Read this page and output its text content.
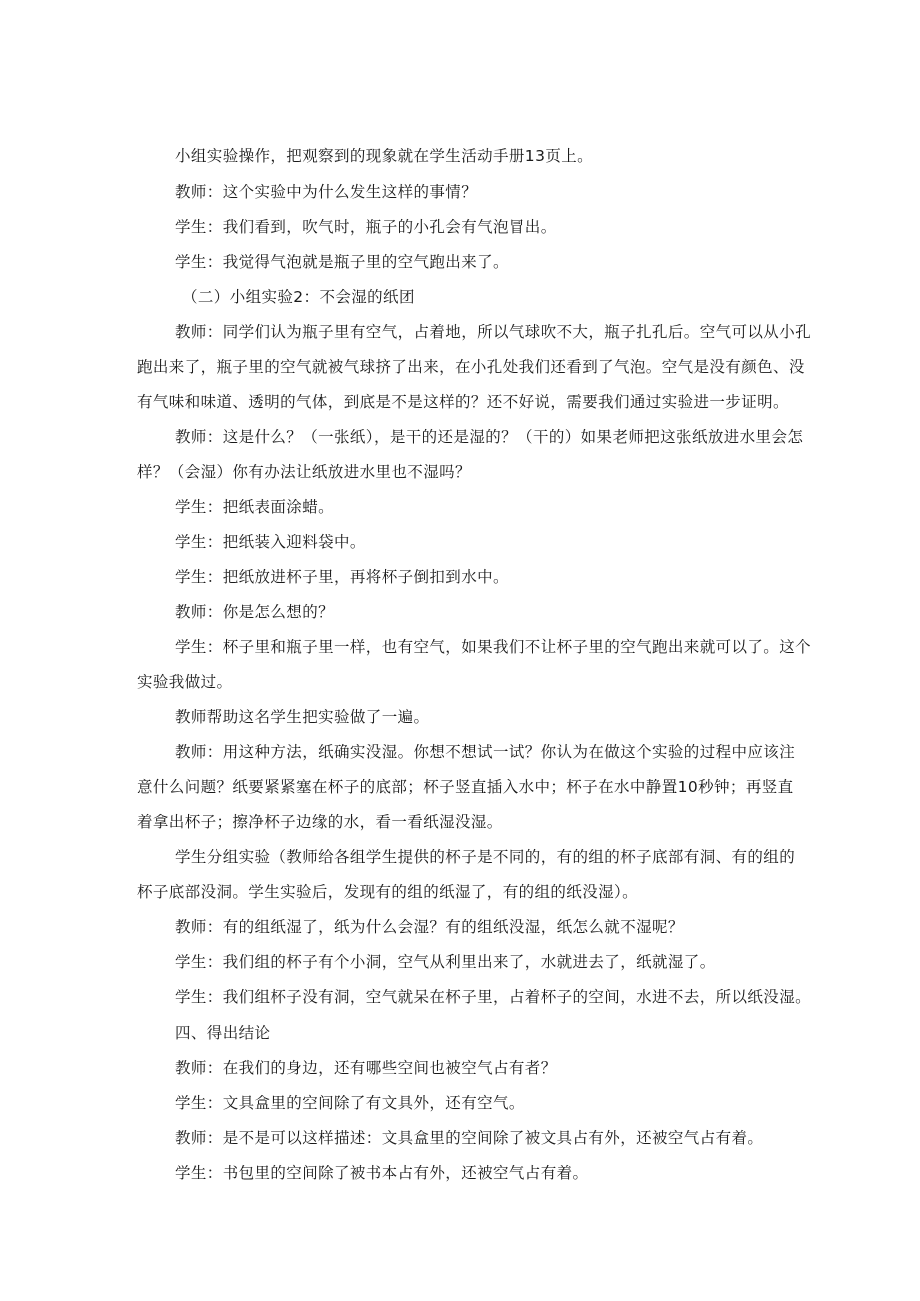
小组实验操作，把观察到的现象就在学生活动手册13页上。
教师：这个实验中为什么发生这样的事情？
学生：我们看到，吹气时，瓶子的小孔会有气泡冒出。
学生：我觉得气泡就是瓶子里的空气跑出来了。
（二）小组实验2：不会湿的纸团
教师：同学们认为瓶子里有空气，占着地，所以气球吹不大，瓶子扎孔后。空气可以从小孔
跑出来了，瓶子里的空气就被气球挤了出来，在小孔处我们还看到了气泡。空气是没有颜色、没
有气味和味道、透明的气体，到底是不是这样的？还不好说，需要我们通过实验进一步证明。
教师：这是什么？（一张纸），是干的还是湿的？（干的）如果老师把这张纸放进水里会怎
样？（会湿）你有办法让纸放进水里也不湿吗？
学生：把纸表面涂蜡。
学生：把纸装入迎料袋中。
学生：把纸放进杯子里，再将杯子倒扣到水中。
教师：你是怎么想的？
学生：杯子里和瓶子里一样，也有空气，如果我们不让杯子里的空气跑出来就可以了。这个
实验我做过。
教师帮助这名学生把实验做了一遍。
教师：用这种方法，纸确实没湿。你想不想试一试？你认为在做这个实验的过程中应该注
意什么问题？纸要紧紧塞在杯子的底部；杯子竖直插入水中；杯子在水中静置10秒钟；再竖直
着拿出杯子；擦净杯子边缘的水，看一看纸湿没湿。
学生分组实验（教师给各组学生提供的杯子是不同的，有的组的杯子底部有洞、有的组的
杯子底部没洞。学生实验后，发现有的组的纸湿了，有的组的纸没湿）。
教师：有的组纸湿了，纸为什么会湿？有的组纸没湿，纸怎么就不湿呢？
学生：我们组的杯子有个小洞，空气从利里出来了，水就进去了，纸就湿了。
学生：我们组杯子没有洞，空气就呆在杯子里，占着杯子的空间，水进不去，所以纸没湿。
四、得出结论
教师：在我们的身边，还有哪些空间也被空气占有者？
学生：文具盒里的空间除了有文具外，还有空气。
教师：是不是可以这样描述：文具盒里的空间除了被文具占有外，还被空气占有着。
学生：书包里的空间除了被书本占有外，还被空气占有着。
